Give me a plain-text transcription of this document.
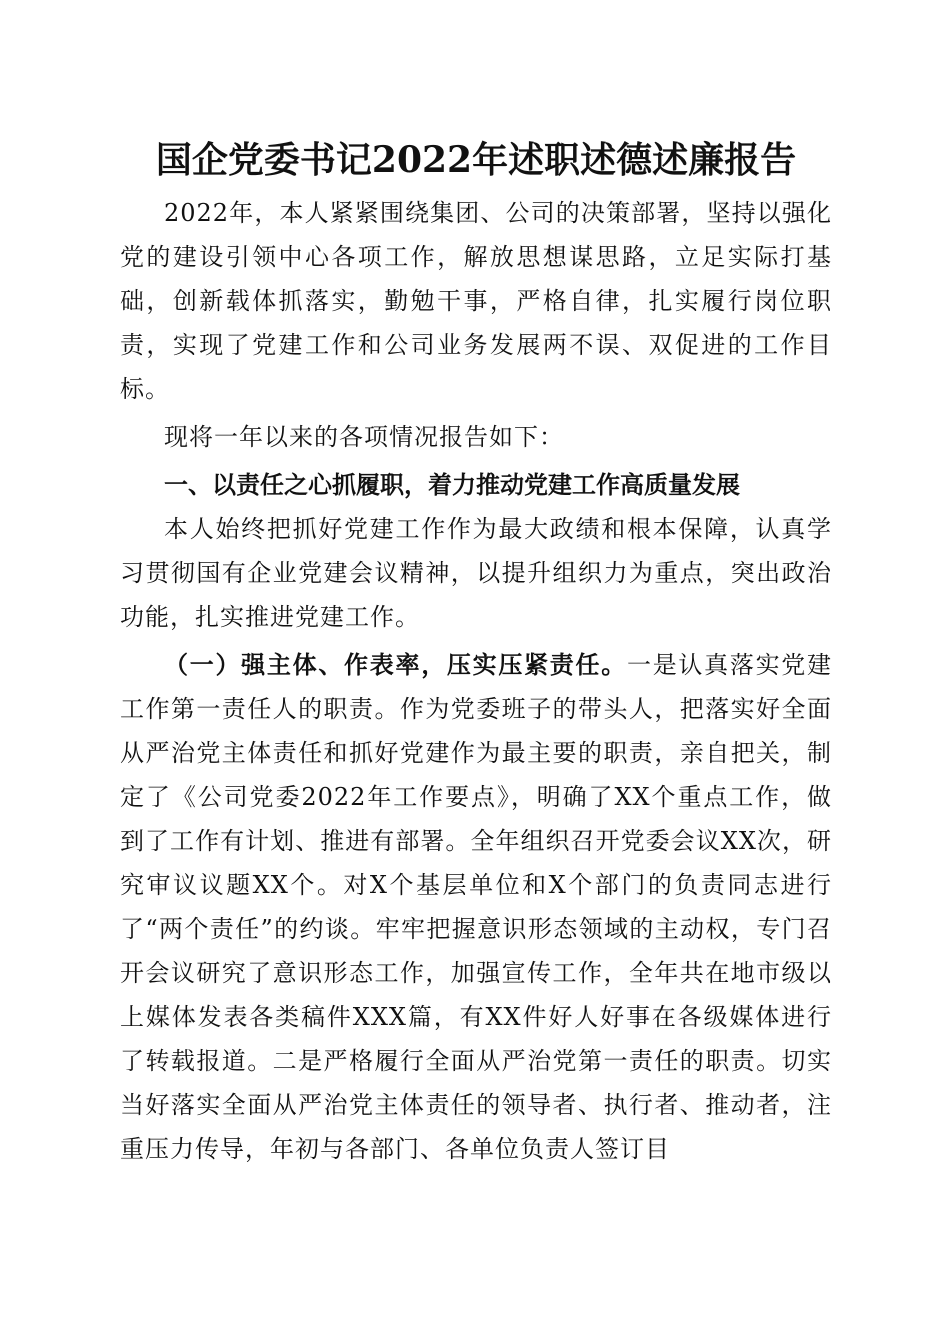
国企党委书记2022年述职述德述廉报告

2022年，本人紧紧围绕集团、公司的决策部署，坚持以强化党的建设引领中心各项工作，解放思想谋思路，立足实际打基础，创新载体抓落实，勤勉干事，严格自律，扎实履行岗位职责，实现了党建工作和公司业务发展两不误、双促进的工作目标。

现将一年以来的各项情况报告如下：

一、以责任之心抓履职，着力推动党建工作高质量发展

本人始终把抓好党建工作作为最大政绩和根本保障，认真学习贯彻国有企业党建会议精神，以提升组织力为重点，突出政治功能，扎实推进党建工作。

（一）强主体、作表率，压实压紧责任。一是认真落实党建工作第一责任人的职责。作为党委班子的带头人，把落实好全面从严治党主体责任和抓好党建作为最主要的职责，亲自把关，制定了《公司党委2022年工作要点》，明确了XX个重点工作，做到了工作有计划、推进有部署。全年组织召开党委会议XX次，研究审议议题XX个。对X个基层单位和X个部门的负责同志进行了“两个责任”的约谈。牢牢把握意识形态领域的主动权，专门召开会议研究了意识形态工作，加强宣传工作，全年共在地市级以上媒体发表各类稿件XXX篇，有XX件好人好事在各级媒体进行了转载报道。二是严格履行全面从严治党第一责任的职责。切实当好落实全面从严治党主体责任的领导者、执行者、推动者，注重压力传导，年初与各部门、各单位负责人签订目
